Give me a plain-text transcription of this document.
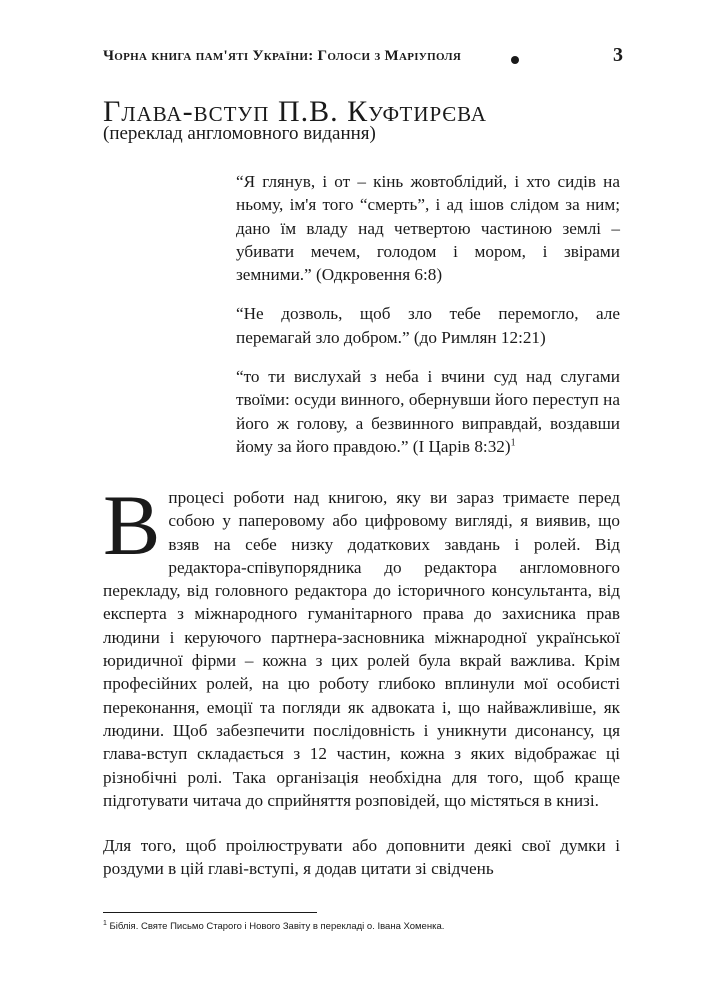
Чорна книга пам'яті України: Голоси з Маріуполя	3
Глава-вступ П.В. Куфтирєва
(переклад англомовного видання)

“Я глянув, і от – кінь жовтоблідий, і хто сидів на ньому, ім'я того “смерть”, і ад ішов слідом за ним; дано їм владу над четвертою частиною землі – убивати мечем, голодом і мором, і звірами земними.” (Одкровення 6:8)

“Не дозволь, щоб зло тебе перемогло, але перемагай зло добром.” (до Римлян 12:21)

“то ти вислухай з неба і вчини суд над слугами твоїми: осуди винного, обернувши його переступ на його ж голову, а безвинного виправдай, воздавши йому за його правдою.” (I Царів 8:32)$^1$

В процесі роботи над книгою, яку ви зараз тримаєте перед собою у паперовому або цифровому вигляді, я виявив, що взяв на себе низку додаткових завдань і ролей. Від редактора-співупорядника до редактора англомовного перекладу, від головного редактора до історичного консультанта, від експерта з міжнародного гуманітарного права до захисника прав людини і керуючого партнера-засновника міжнародної української юридичної фірми – кожна з цих ролей була вкрай важлива. Крім професійних ролей, на цю роботу глибоко вплинули мої особисті переконання, емоції та погляди як адвоката і, що найважливіше, як людини. Щоб забезпечити послідовність і уникнути дисонансу, ця глава-вступ складається з 12 частин, кожна з яких відображає ці різнобічні ролі. Така організація необхідна для того, щоб краще підготувати читача до сприйняття розповідей, що містяться в книзі.

Для того, щоб проілюструвати або доповнити деякі свої думки і роздуми в цій главі-вступі, я додав цитати зі свідчень

$^1$ Біблія. Святе Письмо Старого і Нового Завіту в перекладі о. Івана Хоменка.
